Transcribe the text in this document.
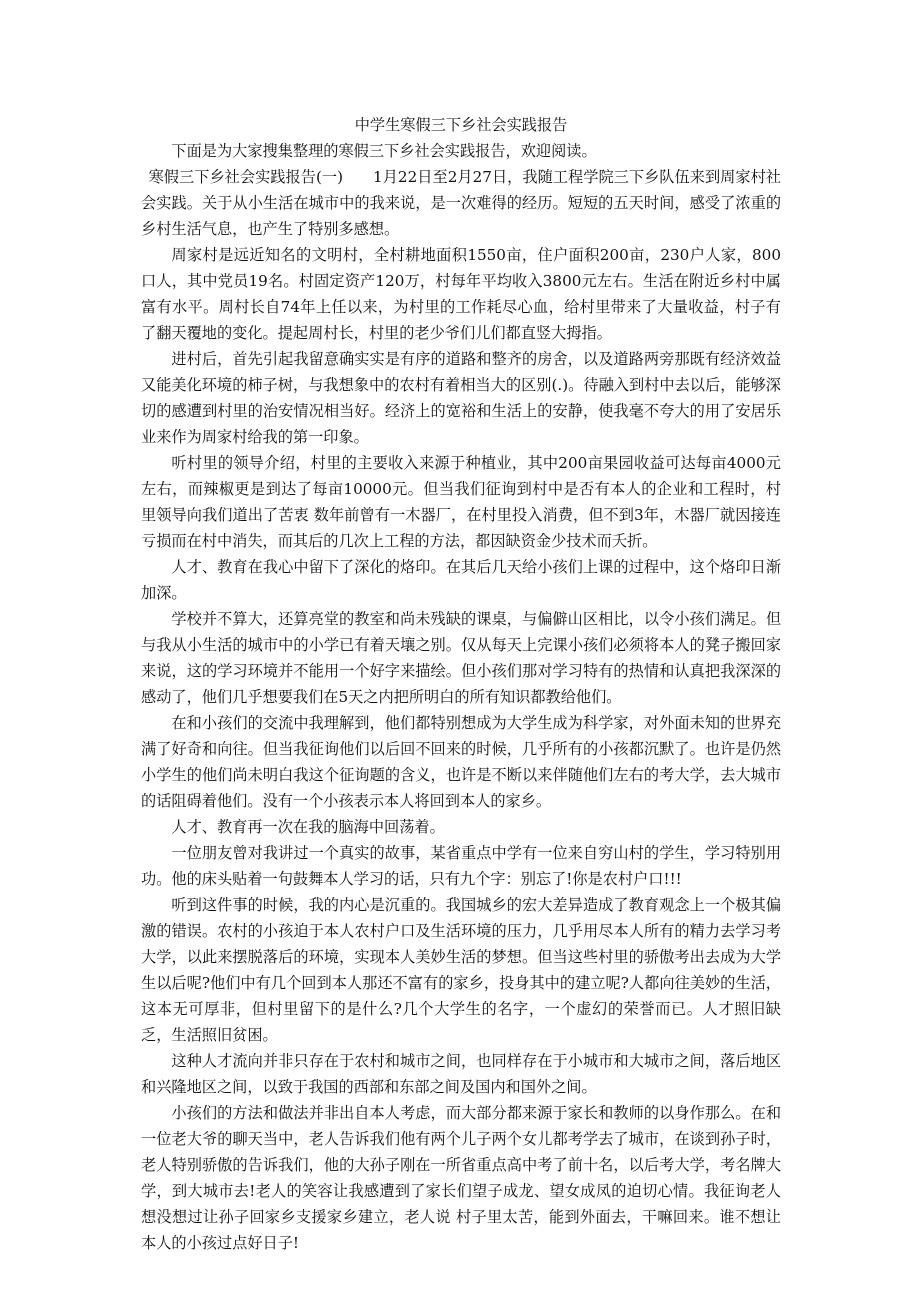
中学生寒假三下乡社会实践报告

下面是为大家搜集整理的寒假三下乡社会实践报告，欢迎阅读。

寒假三下乡社会实践报告(一) 1月22日至2月27日，我随工程学院三下乡队伍来到周家村社会实践。关于从小生活在城市中的我来说，是一次难得的经历。短短的五天时间，感受了浓重的乡村生活气息，也产生了特别多感想。

周家村是远近知名的文明村，全村耕地面积1550亩，住户面积200亩，230户人家，800口人，其中党员19名。村固定资产120万，村每年平均收入3800元左右。生活在附近乡村中属富有水平。周村长自74年上任以来，为村里的工作耗尽心血，给村里带来了大量收益，村子有了翻天覆地的变化。提起周村长，村里的老少爷们儿们都直竖大拇指。

进村后，首先引起我留意确实实是有序的道路和整齐的房舍，以及道路两旁那既有经济效益又能美化环境的柿子树，与我想象中的农村有着相当大的区别(.)。待融入到村中去以后，能够深切的感遭到村里的治安情况相当好。经济上的宽裕和生活上的安静，使我毫不夸大的用了安居乐业来作为周家村给我的第一印象。

听村里的领导介绍，村里的主要收入来源于种植业，其中200亩果园收益可达每亩4000元左右，而辣椒更是到达了每亩10000元。但当我们征询到村中是否有本人的企业和工程时，村里领导向我们道出了苦衷 数年前曾有一木器厂，在村里投入消费，但不到3年，木器厂就因接连亏损而在村中消失，而其后的几次上工程的方法，都因缺资金少技术而夭折。

人才、教育在我心中留下了深化的烙印。在其后几天给小孩们上课的过程中，这个烙印日渐加深。

学校并不算大，还算亮堂的教室和尚未残缺的课桌，与偏僻山区相比，以令小孩们满足。但与我从小生活的城市中的小学已有着天壤之别。仅从每天上完课小孩们必须将本人的凳子搬回家来说，这的学习环境并不能用一个好字来描绘。但小孩们那对学习特有的热情和认真把我深深的感动了，他们几乎想要我们在5天之内把所明白的所有知识都教给他们。

在和小孩们的交流中我理解到，他们都特别想成为大学生成为科学家，对外面未知的世界充满了好奇和向往。但当我征询他们以后回不回来的时候，几乎所有的小孩都沉默了。也许是仍然小学生的他们尚未明白我这个征询题的含义，也许是不断以来伴随他们左右的考大学，去大城市的话阻碍着他们。没有一个小孩表示本人将回到本人的家乡。

人才、教育再一次在我的脑海中回荡着。

一位朋友曾对我讲过一个真实的故事，某省重点中学有一位来自穷山村的学生，学习特别用功。他的床头贴着一句鼓舞本人学习的话，只有九个字：别忘了!你是农村户口!!!

听到这件事的时候，我的内心是沉重的。我国城乡的宏大差异造成了教育观念上一个极其偏激的错误。农村的小孩迫于本人农村户口及生活环境的压力，几乎用尽本人所有的精力去学习考大学，以此来摆脱落后的环境，实现本人美妙生活的梦想。但当这些村里的骄傲考出去成为大学生以后呢?他们中有几个回到本人那还不富有的家乡，投身其中的建立呢?人都向往美妙的生活，这本无可厚非，但村里留下的是什么?几个大学生的名字，一个虚幻的荣誉而已。人才照旧缺乏，生活照旧贫困。

这种人才流向并非只存在于农村和城市之间，也同样存在于小城市和大城市之间，落后地区和兴隆地区之间，以致于我国的西部和东部之间及国内和国外之间。

小孩们的方法和做法并非出自本人考虑，而大部分都来源于家长和教师的以身作那么。在和一位老大爷的聊天当中，老人告诉我们他有两个儿子两个女儿都考学去了城市，在谈到孙子时，老人特别骄傲的告诉我们，他的大孙子刚在一所省重点高中考了前十名，以后考大学，考名牌大学，到大城市去!老人的笑容让我感遭到了家长们望子成龙、望女成凤的迫切心情。我征询老人想没想过让孙子回家乡支援家乡建立，老人说 村子里太苦，能到外面去，干嘛回来。谁不想让本人的小孩过点好日子!
